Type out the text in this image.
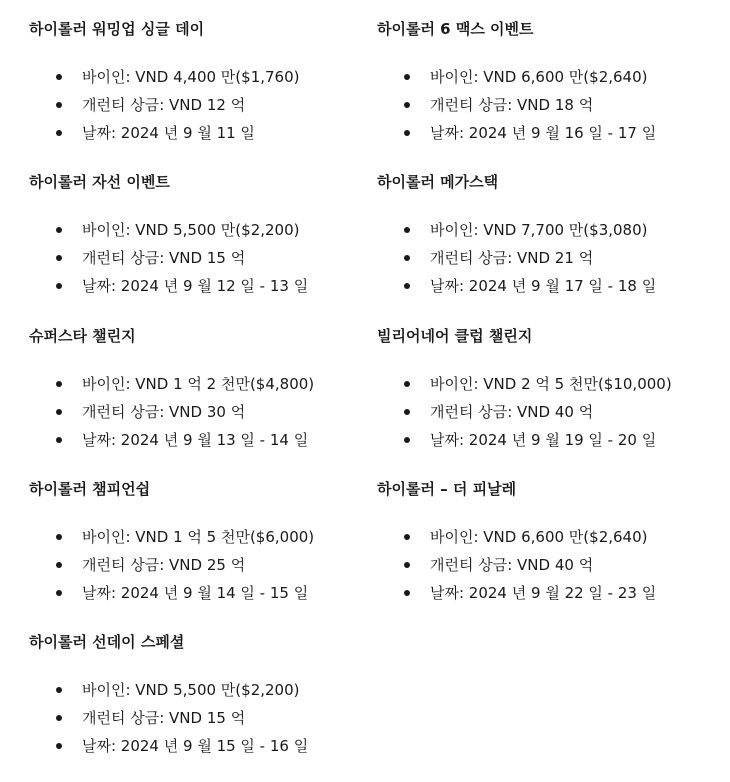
하이롤러 워밍업 싱글 데이
바이인: VND 4,400 만($1,760)
개런티 상금: VND 12 억
날짜: 2024 년 9 월 11 일
하이롤러 6 맥스 이벤트
바이인: VND 6,600 만($2,640)
개런티 상금: VND 18 억
날짜: 2024 년 9 월 16 일 - 17 일
하이롤러 자선 이벤트
바이인: VND 5,500 만($2,200)
개런티 상금: VND 15 억
날짜: 2024 년 9 월 12 일 - 13 일
하이롤러 메가스택
바이인: VND 7,700 만($3,080)
개런티 상금: VND 21 억
날짜: 2024 년 9 월 17 일 - 18 일
슈퍼스타 챌린지
바이인: VND 1 억 2 천만($4,800)
개런티 상금: VND 30 억
날짜: 2024 년 9 월 13 일 - 14 일
빌리어네어 클럽 챌린지
바이인: VND 2 억 5 천만($10,000)
개런티 상금: VND 40 억
날짜: 2024 년 9 월 19 일 - 20 일
하이롤러 챔피언쉽
바이인: VND 1 억 5 천만($6,000)
개런티 상금: VND 25 억
날짜: 2024 년 9 월 14 일 - 15 일
하이롤러 – 더 피날레
바이인: VND 6,600 만($2,640)
개런티 상금: VND 40 억
날짜: 2024 년 9 월 22 일 - 23 일
하이롤러 선데이 스페셜
바이인: VND 5,500 만($2,200)
개런티 상금: VND 15 억
날짜: 2024 년 9 월 15 일 - 16 일
